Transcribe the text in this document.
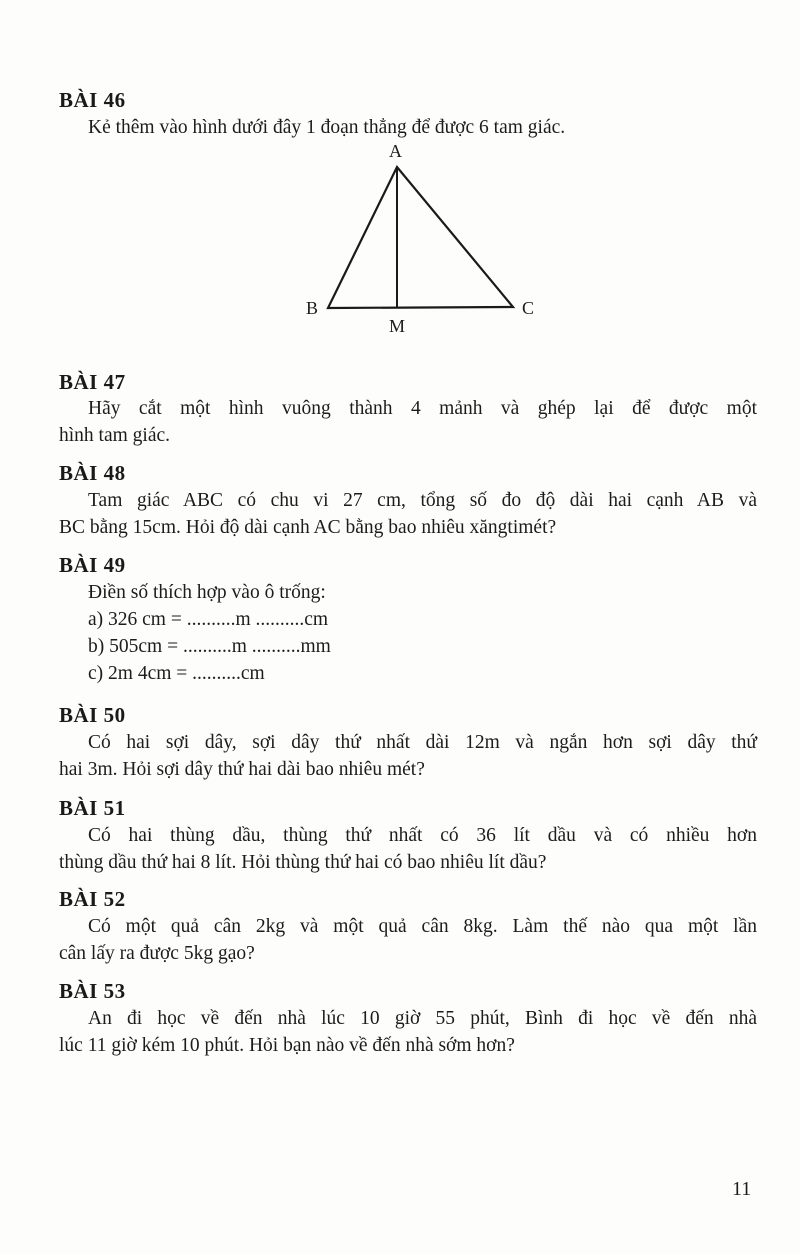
BÀI 46
Kẻ thêm vào hình dưới đây 1 đoạn thẳng để được 6 tam giác.
A
B	C
M
BÀI 47
Hãy cắt một hình vuông thành 4 mảnh và ghép lại để được một
hình tam giác.
BÀI 48
Tam giác ABC có chu vi 27 cm, tổng số đo độ dài hai cạnh AB và
BC bằng 15cm. Hỏi độ dài cạnh AC bằng bao nhiêu xăngtimét?
BÀI 49
Điền số thích hợp vào ô trống:
a) 326 cm = ..........m ..........cm
b) 505cm = ..........m ..........mm
c) 2m 4cm = ..........cm
BÀI 50
Có hai sợi dây, sợi dây thứ nhất dài 12m và ngắn hơn sợi dây thứ
hai 3m. Hỏi sợi dây thứ hai dài bao nhiêu mét?
BÀI 51
Có hai thùng dầu, thùng thứ nhất có 36 lít dầu và có nhiều hơn
thùng dầu thứ hai 8 lít. Hỏi thùng thứ hai có bao nhiêu lít dầu?
BÀI 52
Có một quả cân 2kg và một quả cân 8kg. Làm thế nào qua một lần
cân lấy ra được 5kg gạo?
BÀI 53
An đi học về đến nhà lúc 10 giờ 55 phút, Bình đi học về đến nhà
lúc 11 giờ kém 10 phút. Hỏi bạn nào về đến nhà sớm hơn?
11
